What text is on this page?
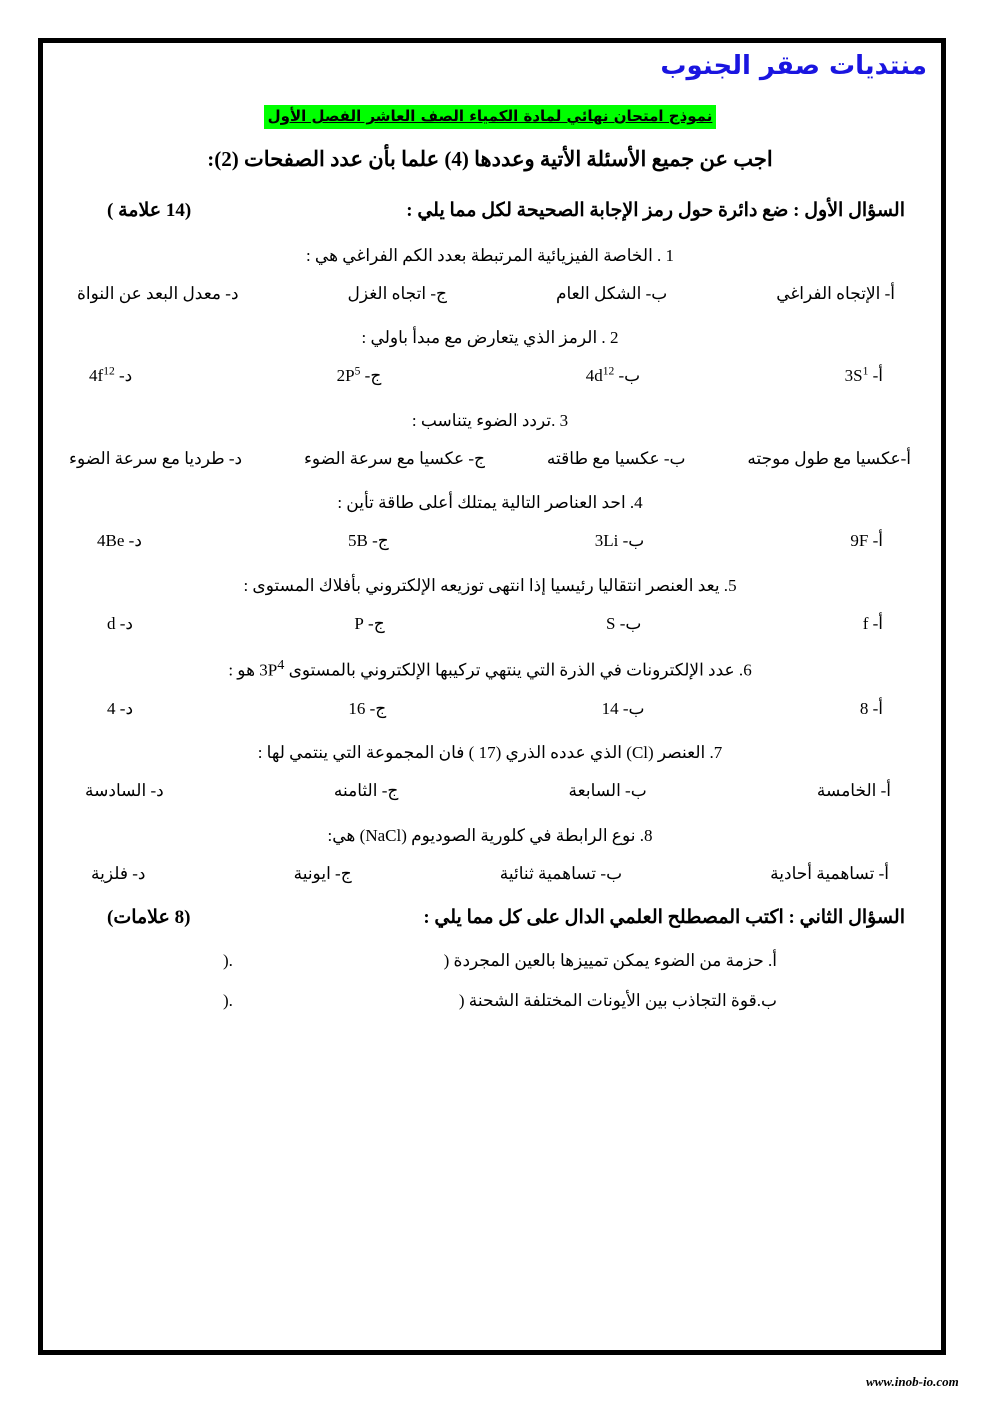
منتديات صقر الجنوب
نموذج امتحان نهائي لمادة الكمياء الصف العاشر الفصل الأول
اجب عن جميع الأسئلة الأتية وعددها (4) علما بأن عدد الصفحات (2):
السؤال الأول : ضع دائرة حول رمز الإجابة الصحيحة لكل مما يلي :
(14 علامة )
1 . الخاصة الفيزيائية المرتبطة بعدد الكم الفراغي هي :
أ- الإتجاه الفراغي
ب- الشكل العام
ج- اتجاه الغزل
د- معدل البعد عن النواة
2 . الرمز الذي يتعارض مع مبدأ باولي :
أ- $3S^1$
ب- $4d^{12}$
ج- $2P^5$
د- $4f^{12}$
3 .تردد الضوء يتناسب :
أ-عكسيا مع طول موجته
ب- عكسيا مع طاقته
ج- عكسيا مع سرعة الضوء
د- طرديا مع سرعة الضوء
4. احد العناصر التالية يمتلك أعلى طاقة تأين :
أ- 9F
ب- 3Li
ج- 5B
د- 4Be
5. يعد العنصر انتقاليا رئيسيا إذا انتهى توزيعه الإلكتروني بأفلاك المستوى :
أ- f
ب- S
ج- P
د- d
6. عدد الإلكترونات في الذرة التي ينتهي تركيبها الإلكتروني بالمستوى $3P^4$ هو :
أ- 8
ب- 14
ج- 16
د- 4
7. العنصر (Cl) الذي عدده الذري (17 ) فان المجموعة التي ينتمي لها :
أ- الخامسة
ب- السابعة
ج- الثامنه
د- السادسة
8. نوع الرابطة في كلورية الصوديوم (NaCl) هي:
أ- تساهمية أحادية
ب- تساهمية ثنائية
ج- ايونية
د- فلزية
السؤال الثاني : اكتب المصطلح العلمي الدال على كل مما يلي :
(8 علامات)
أ. حزمة من الضوء يمكن تمييزها بالعين المجردة (
).
ب.قوة التجاذب بين الأيونات المختلفة الشحنة (
).
www.inob-io.com
